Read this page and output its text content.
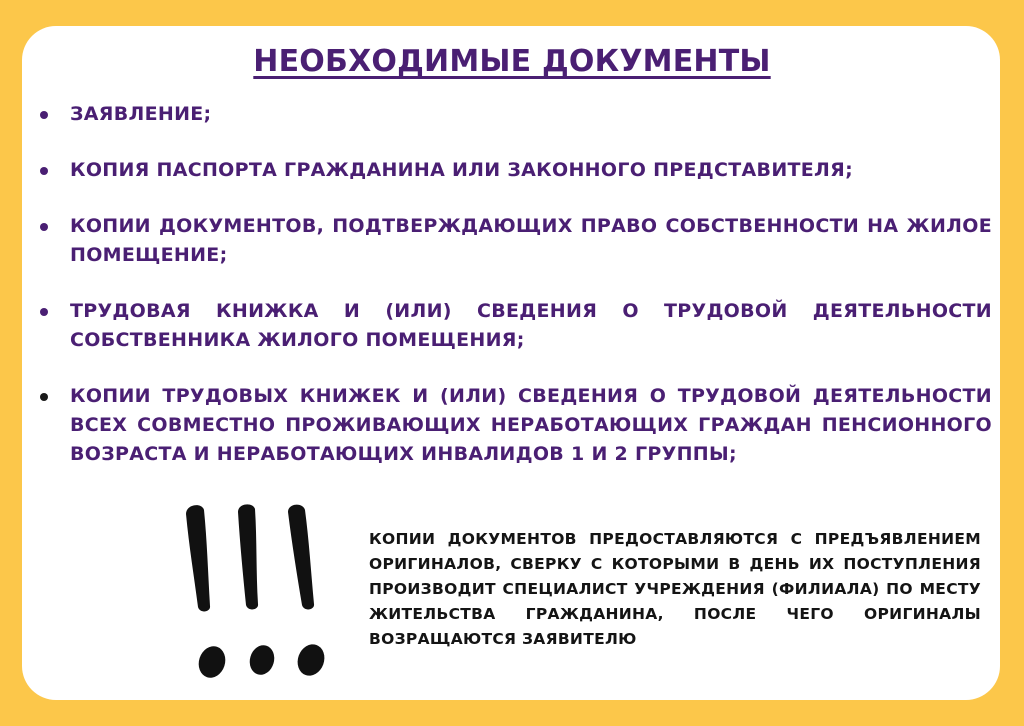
НЕОБХОДИМЫЕ ДОКУМЕНТЫ
ЗАЯВЛЕНИЕ;
КОПИЯ ПАСПОРТА ГРАЖДАНИНА ИЛИ ЗАКОННОГО ПРЕДСТАВИТЕЛЯ;
КОПИИ ДОКУМЕНТОВ, ПОДТВЕРЖДАЮЩИХ ПРАВО СОБСТВЕННОСТИ НА ЖИЛОЕ ПОМЕЩЕНИЕ;
ТРУДОВАЯ КНИЖКА И (ИЛИ) СВЕДЕНИЯ О ТРУДОВОЙ ДЕЯТЕЛЬНОСТИ СОБСТВЕННИКА ЖИЛОГО ПОМЕЩЕНИЯ;
КОПИИ ТРУДОВЫХ КНИЖЕК И (ИЛИ) СВЕДЕНИЯ О ТРУДОВОЙ ДЕЯТЕЛЬНОСТИ ВСЕХ СОВМЕСТНО ПРОЖИВАЮЩИХ НЕРАБОТАЮЩИХ ГРАЖДАН ПЕНСИОННОГО ВОЗРАСТА И НЕРАБОТАЮЩИХ ИНВАЛИДОВ 1 И 2 ГРУППЫ;

КОПИИ ДОКУМЕНТОВ ПРЕДОСТАВЛЯЮТСЯ С ПРЕДЪЯВЛЕНИЕМ ОРИГИНАЛОВ, СВЕРКУ С КОТОРЫМИ В ДЕНЬ ИХ ПОСТУПЛЕНИЯ ПРОИЗВОДИТ СПЕЦИАЛИСТ УЧРЕЖДЕНИЯ (ФИЛИАЛА) ПО МЕСТУ ЖИТЕЛЬСТВА ГРАЖДАНИНА, ПОСЛЕ ЧЕГО ОРИГИНАЛЫ ВОЗРАЩАЮТСЯ ЗАЯВИТЕЛЮ
